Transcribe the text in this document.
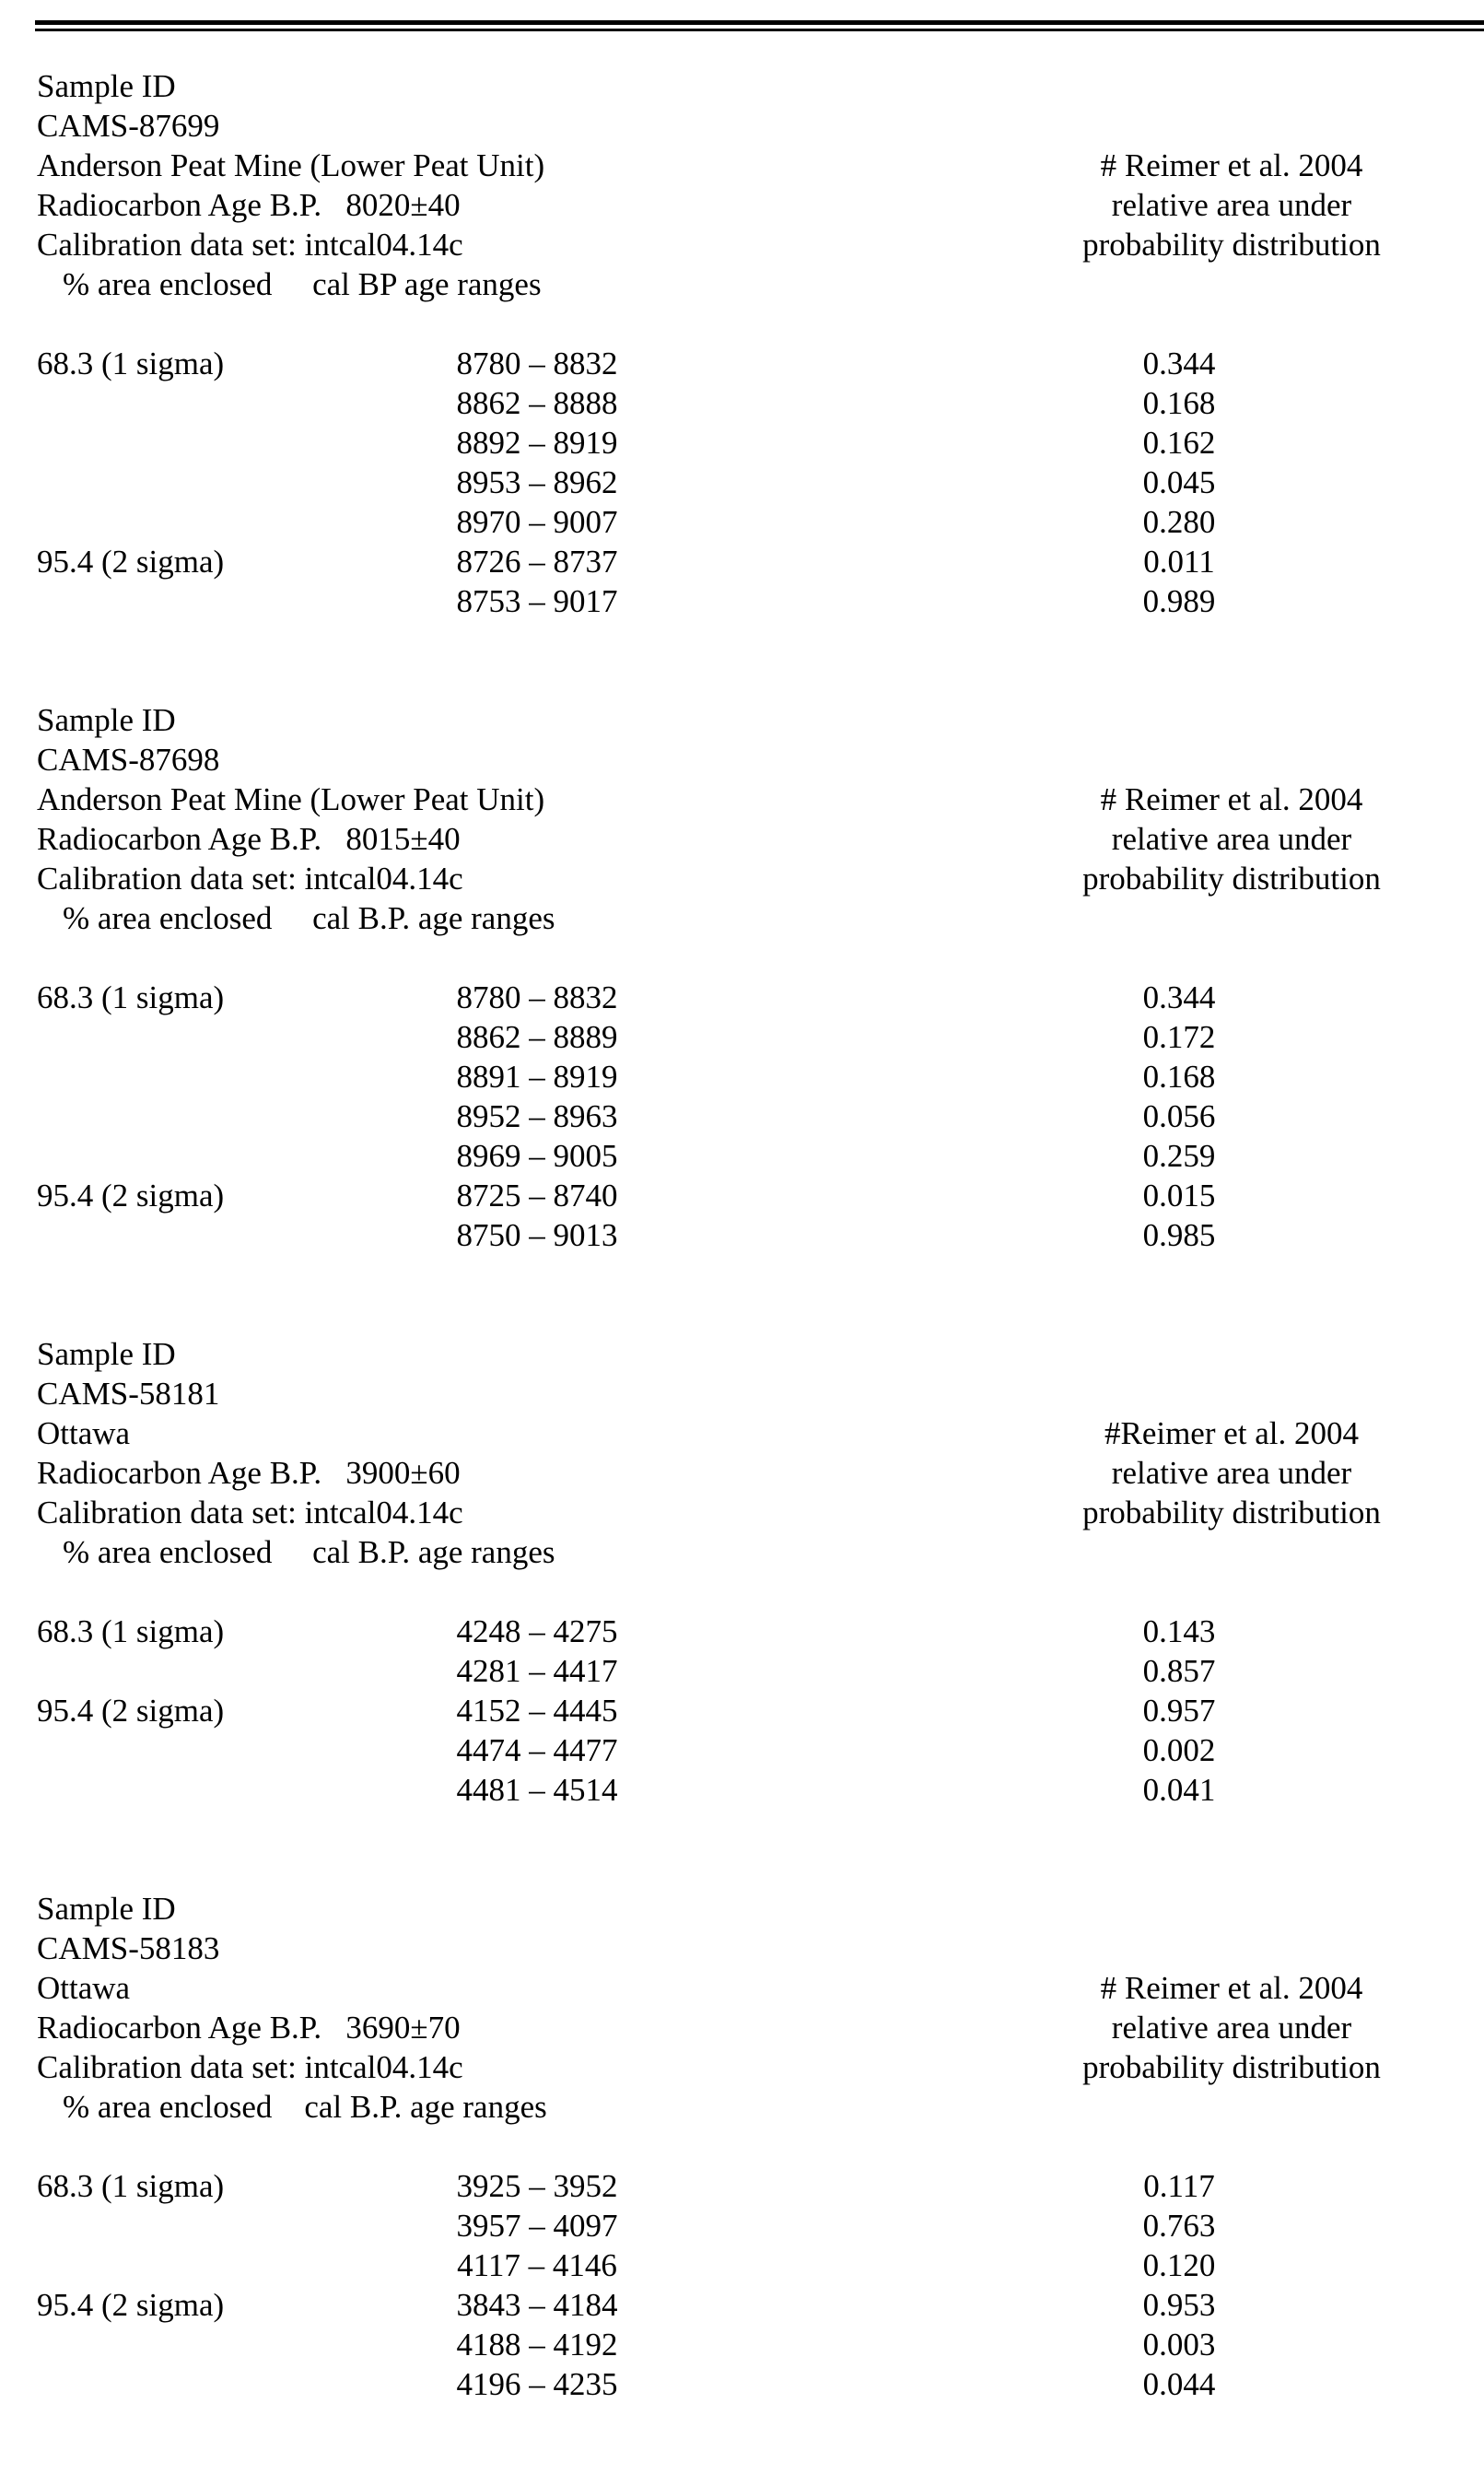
Sample ID
CAMS-87699
Anderson Peat Mine (Lower Peat Unit)
Radiocarbon Age B.P.   8020±40
Calibration data set: intcal04.14c
% area enclosed     cal BP age ranges
# Reimer et al. 2004
relative area under
probability distribution
68.3 (1 sigma)	8780 – 8832	0.344
8862 – 8888	0.168
8892 – 8919	0.162
8953 – 8962	0.045
8970 – 9007	0.280
95.4 (2 sigma)	8726 – 8737	0.011
8753 – 9017	0.989
Sample ID
CAMS-87698
Anderson Peat Mine (Lower Peat Unit)
Radiocarbon Age B.P.   8015±40
Calibration data set: intcal04.14c
% area enclosed     cal B.P. age ranges
# Reimer et al. 2004
relative area under
probability distribution
68.3 (1 sigma)	8780 – 8832	0.344
8862 – 8889	0.172
8891 – 8919	0.168
8952 – 8963	0.056
8969 – 9005	0.259
95.4 (2 sigma)	8725 – 8740	0.015
8750 – 9013	0.985
Sample ID
CAMS-58181
Ottawa
Radiocarbon Age B.P.   3900±60
Calibration data set: intcal04.14c
% area enclosed     cal B.P. age ranges
#Reimer et al. 2004
relative area under
probability distribution
68.3 (1 sigma)	4248 – 4275	0.143
4281 – 4417	0.857
95.4 (2 sigma)	4152 – 4445	0.957
4474 – 4477	0.002
4481 – 4514	0.041
Sample ID
CAMS-58183
Ottawa
Radiocarbon Age B.P.   3690±70
Calibration data set: intcal04.14c
% area enclosed    cal B.P. age ranges
# Reimer et al. 2004
relative area under
probability distribution
68.3 (1 sigma)	3925 – 3952	0.117
3957 – 4097	0.763
4117 – 4146	0.120
95.4 (2 sigma)	3843 – 4184	0.953
4188 – 4192	0.003
4196 – 4235	0.044
